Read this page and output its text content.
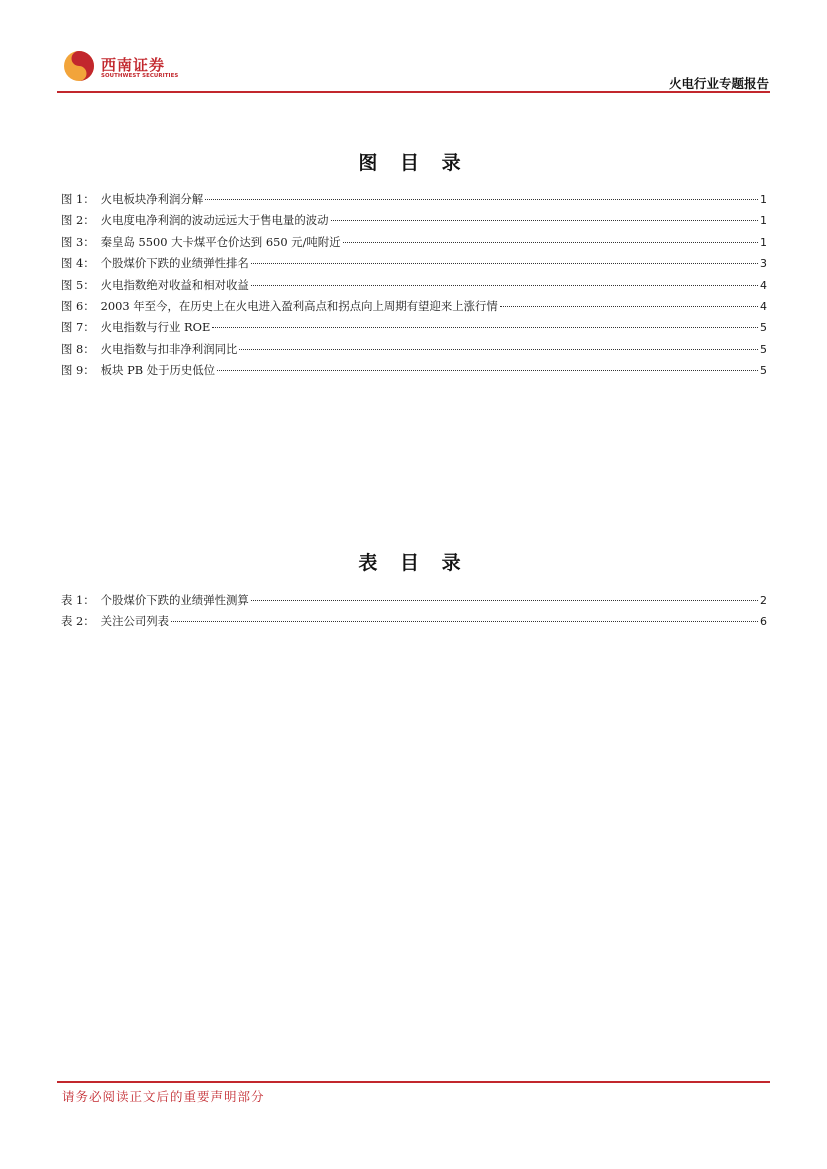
西南证券
SOUTHWEST SECURITIES	火电行业专题报告
图 目 录
图 1 ： 火电板块净利润分解	1
图 2 ： 火电度电净利润的波动远远大于售电量的波动	1
图 3 ： 秦皇岛 5500 大卡煤平仓价达到 650 元/吨附近	1
图 4 ： 个股煤价下跌的业绩弹性排名	3
图 5 ： 火电指数绝对收益和相对收益	4
图 6 ： 2003 年至今，在历史上在火电进入盈利高点和拐点向上周期有望迎来上涨行情	4
图 7 ： 火电指数与行业 ROE	5
图 8 ： 火电指数与扣非净利润同比	5
图 9 ： 板块 PB 处于历史低位	5
表 目 录
表 1 ： 个股煤价下跌的业绩弹性测算	2
表 2 ： 关注公司列表	6
请务必阅读正文后的重要声明部分
